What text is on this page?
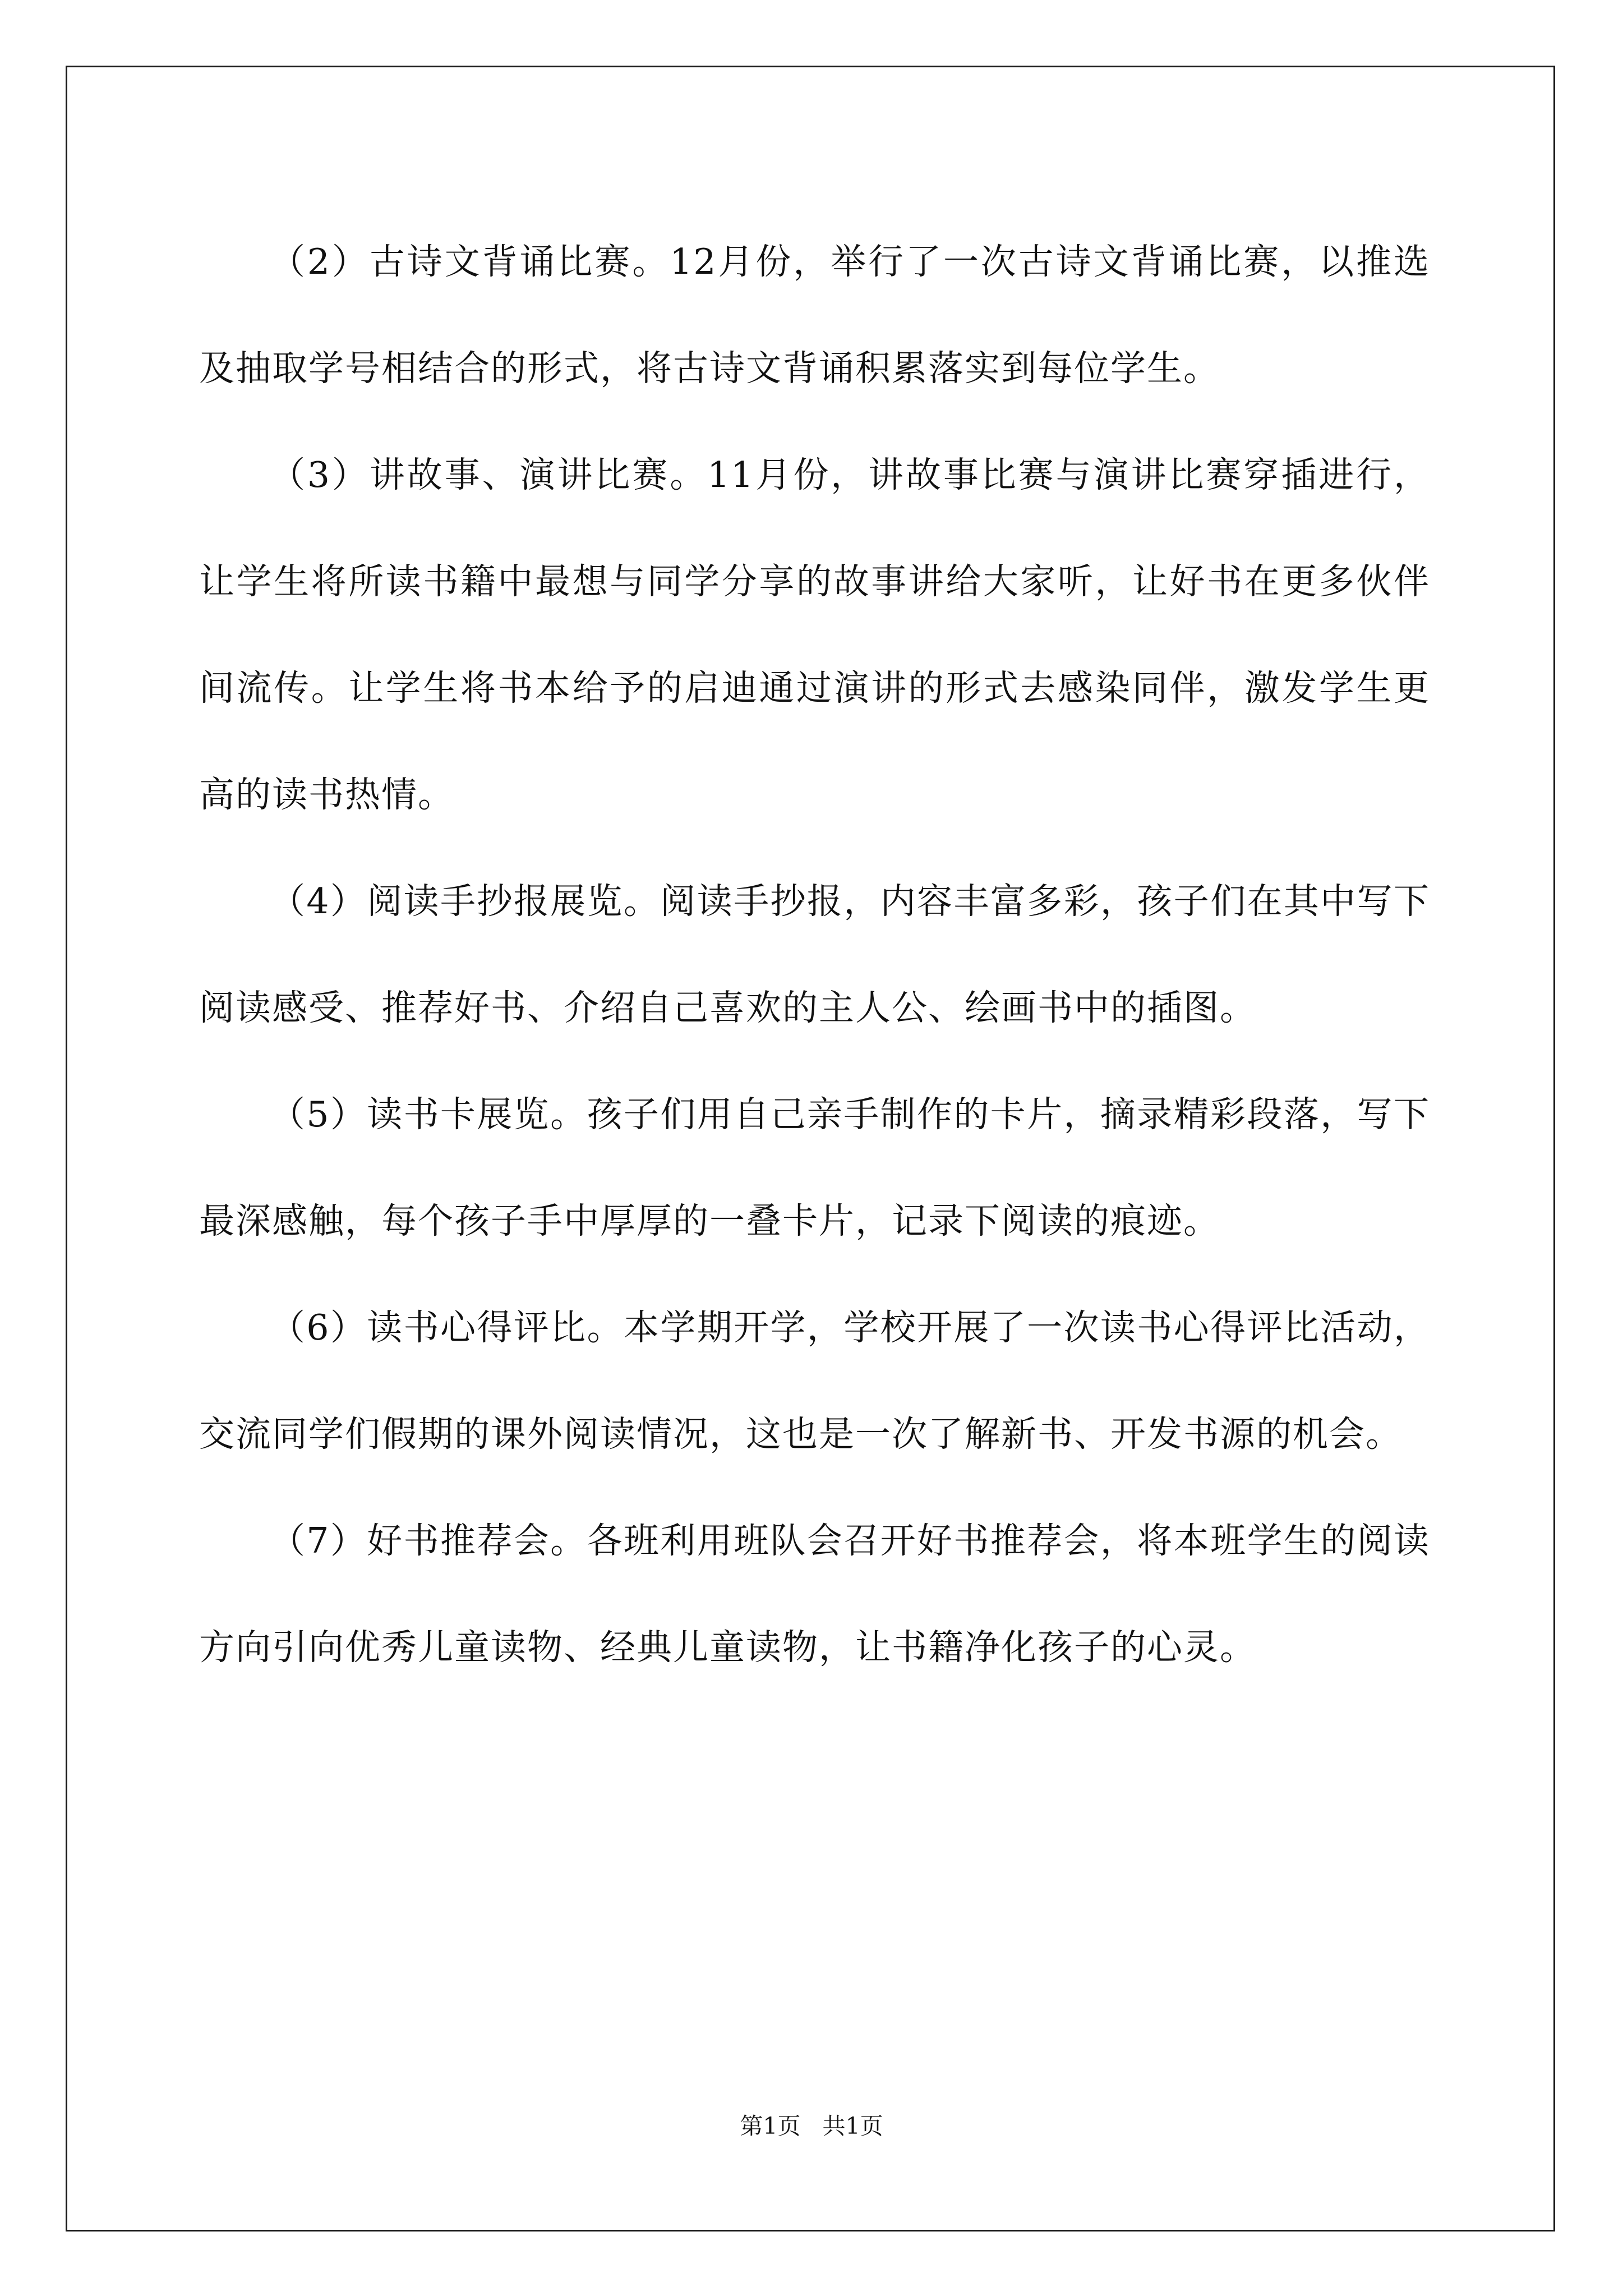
（2）古诗文背诵比赛。12月份，举行了一次古诗文背诵比赛，以推选及抽取学号相结合的形式，将古诗文背诵积累落实到每位学生。

（3）讲故事、演讲比赛。11月份，讲故事比赛与演讲比赛穿插进行，让学生将所读书籍中最想与同学分享的故事讲给大家听，让好书在更多伙伴间流传。让学生将书本给予的启迪通过演讲的形式去感染同伴，激发学生更高的读书热情。

（4）阅读手抄报展览。阅读手抄报，内容丰富多彩，孩子们在其中写下阅读感受、推荐好书、介绍自己喜欢的主人公、绘画书中的插图。

（5）读书卡展览。孩子们用自己亲手制作的卡片，摘录精彩段落，写下最深感触，每个孩子手中厚厚的一叠卡片，记录下阅读的痕迹。

（6）读书心得评比。本学期开学，学校开展了一次读书心得评比活动，交流同学们假期的课外阅读情况，这也是一次了解新书、开发书源的机会。

（7）好书推荐会。各班利用班队会召开好书推荐会，将本班学生的阅读方向引向优秀儿童读物、经典儿童读物，让书籍净化孩子的心灵。

第1页   共1页
